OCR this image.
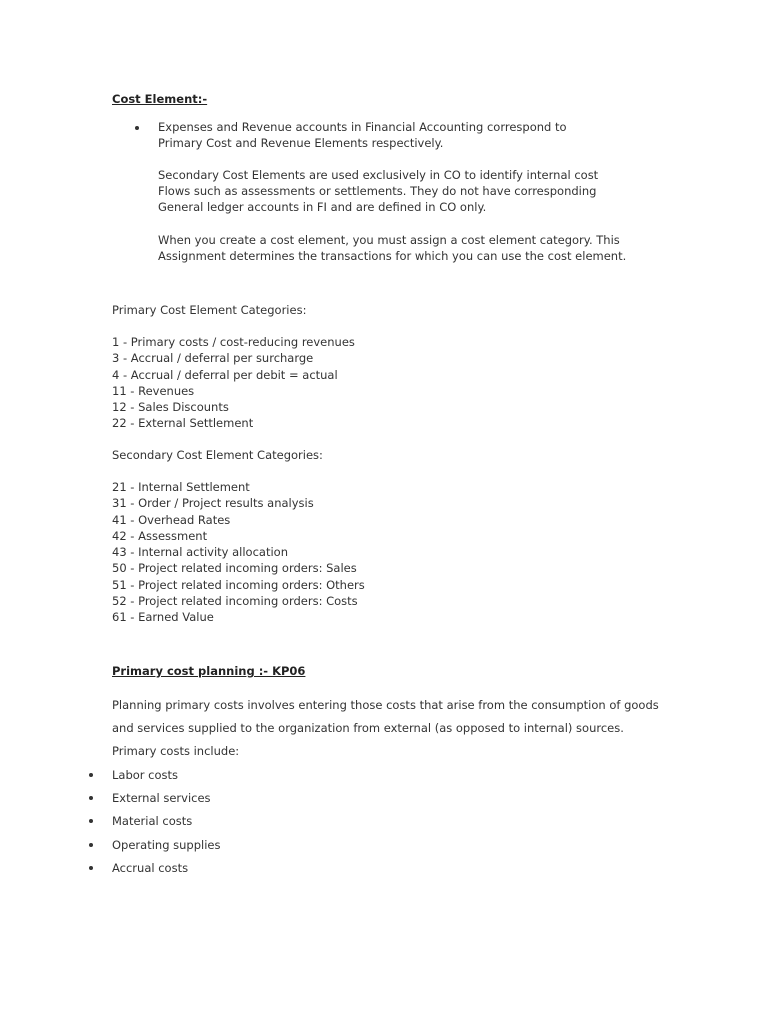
Cost Element:-
Expenses and Revenue accounts in Financial Accounting correspond to
Primary Cost and Revenue Elements respectively.
Secondary Cost Elements are used exclusively in CO to identify internal cost
Flows such as assessments or settlements. They do not have corresponding
General ledger accounts in FI and are defined in CO only.
When you create a cost element, you must assign a cost element category. This
Assignment determines the transactions for which you can use the cost element.
Primary Cost Element Categories:
1 - Primary costs / cost-reducing revenues
3 - Accrual / deferral per surcharge
4 - Accrual / deferral per debit = actual
11 - Revenues
12 - Sales Discounts
22 - External Settlement
Secondary Cost Element Categories:
21 - Internal Settlement
31 - Order / Project results analysis
41 - Overhead Rates
42 - Assessment
43 - Internal activity allocation
50 - Project related incoming orders: Sales
51 - Project related incoming orders: Others
52 - Project related incoming orders: Costs
61 - Earned Value
Primary cost planning :- KP06
Planning primary costs involves entering those costs that arise from the consumption of goods
and services supplied to the organization from external (as opposed to internal) sources.
Primary costs include:
Labor costs
External services
Material costs
Operating supplies
Accrual costs
